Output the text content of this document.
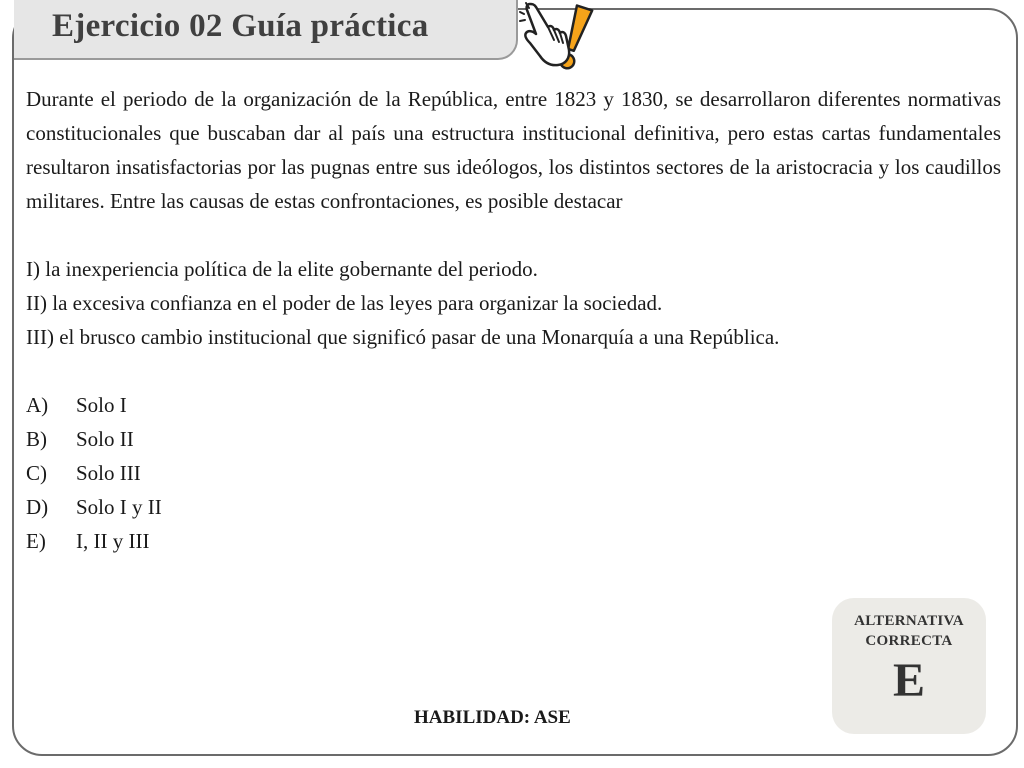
Ejercicio 02 Guía práctica

Durante el periodo de la organización de la República, entre 1823 y 1830, se desarrollaron diferentes normativas constitucionales que buscaban dar al país una estructura institucional definitiva, pero estas cartas fundamentales resultaron insatisfactorias por las pugnas entre sus ideólogos, los distintos sectores de la aristocracia y los caudillos militares. Entre las causas de estas confrontaciones, es posible destacar

I) la inexperiencia política de la elite gobernante del periodo.
II) la excesiva confianza en el poder de las leyes para organizar la sociedad.
III) el brusco cambio institucional que significó pasar de una Monarquía a una República.
A)	Solo I
B)	Solo II
C)	Solo III
D)	Solo I y II
E)	I, II y III
ALTERNATIVA
CORRECTA
E
HABILIDAD: ASE
